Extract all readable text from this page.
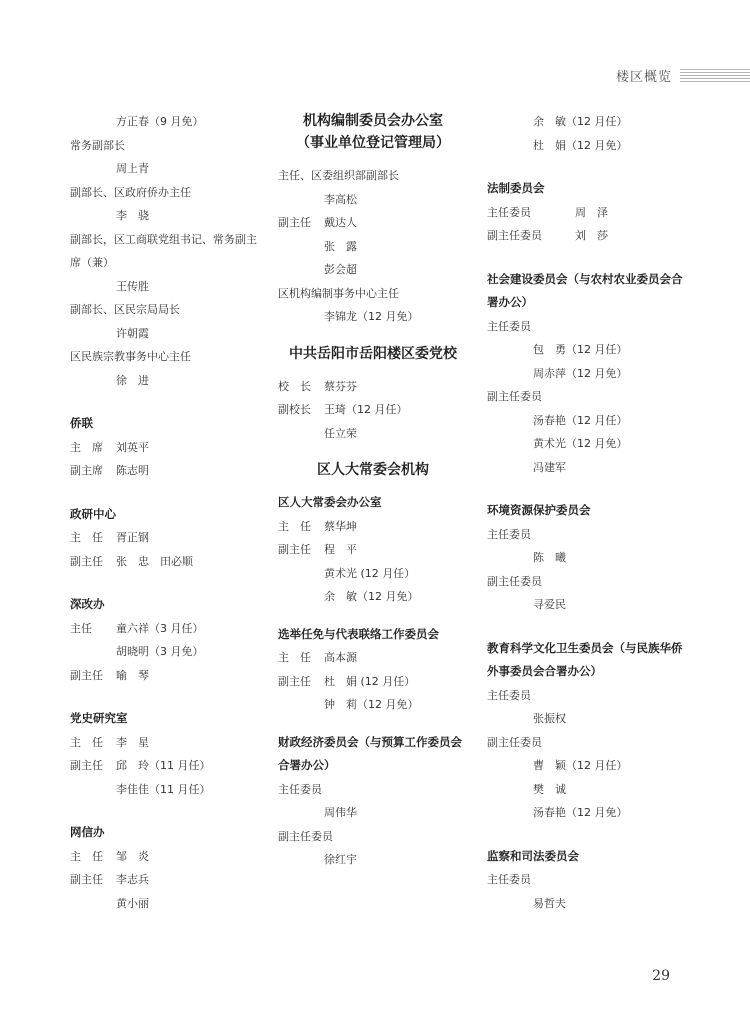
楼区概览
方正春（9 月免）
常务副部长
周上青
副部长、区政府侨办主任
李　骁
副部长，区工商联党组书记、常务副主席（兼）
王传胜
副部长、区民宗局局长
许朝霞
区民族宗教事务中心主任
徐　进
侨联
主　席 刘英平
副主席 陈志明
政研中心
主　任 胥正钢
副主任 张　忠　田必顺
深改办
主任 童六祥（3 月任）
胡晓明（3 月免）
副主任 喻　琴
党史研究室
主　任 李　星
副主任 邱　玲（11 月任）
李佳佳（11 月任）
网信办
主　任 邹　炎
副主任 李志兵
黄小丽
机构编制委员会办公室
（事业单位登记管理局）
主任、区委组织部副部长
李高松
副主任 戴达人
张　露
彭会超
区机构编制事务中心主任
李锦龙（12 月免）
中共岳阳市岳阳楼区委党校
校　长 蔡芬芬
副校长 王琦（12 月任）
任立荣
区人大常委会机构
区人大常委会办公室
主　任 蔡华坤
副主任 程　平
黄术光 (12 月任）
余　敏（12 月免）
选举任免与代表联络工作委员会
主　任 高本源
副主任 杜　娟 (12 月任）
钟　莉（12 月免）
财政经济委员会（与预算工作委员会合署办公）
主任委员
周伟华
副主任委员
徐红宇
余　敏（12 月任）
杜　娟（12 月免）
法制委员会
主任委员	周　泽
副主任委员	刘　莎
社会建设委员会（与农村农业委员会合署办公）
主任委员
包　勇（12 月任）
周赤萍（12 月免）
副主任委员
汤春艳（12 月任）
黄术光（12 月免）
冯建军
环境资源保护委员会
主任委员
陈　曦
副主任委员
寻爱民
教育科学文化卫生委员会（与民族华侨外事委员会合署办公）
主任委员
张振权
副主任委员
曹　颖（12 月任）
樊　诚
汤春艳（12 月免）
监察和司法委员会
主任委员
易哲夫
29
